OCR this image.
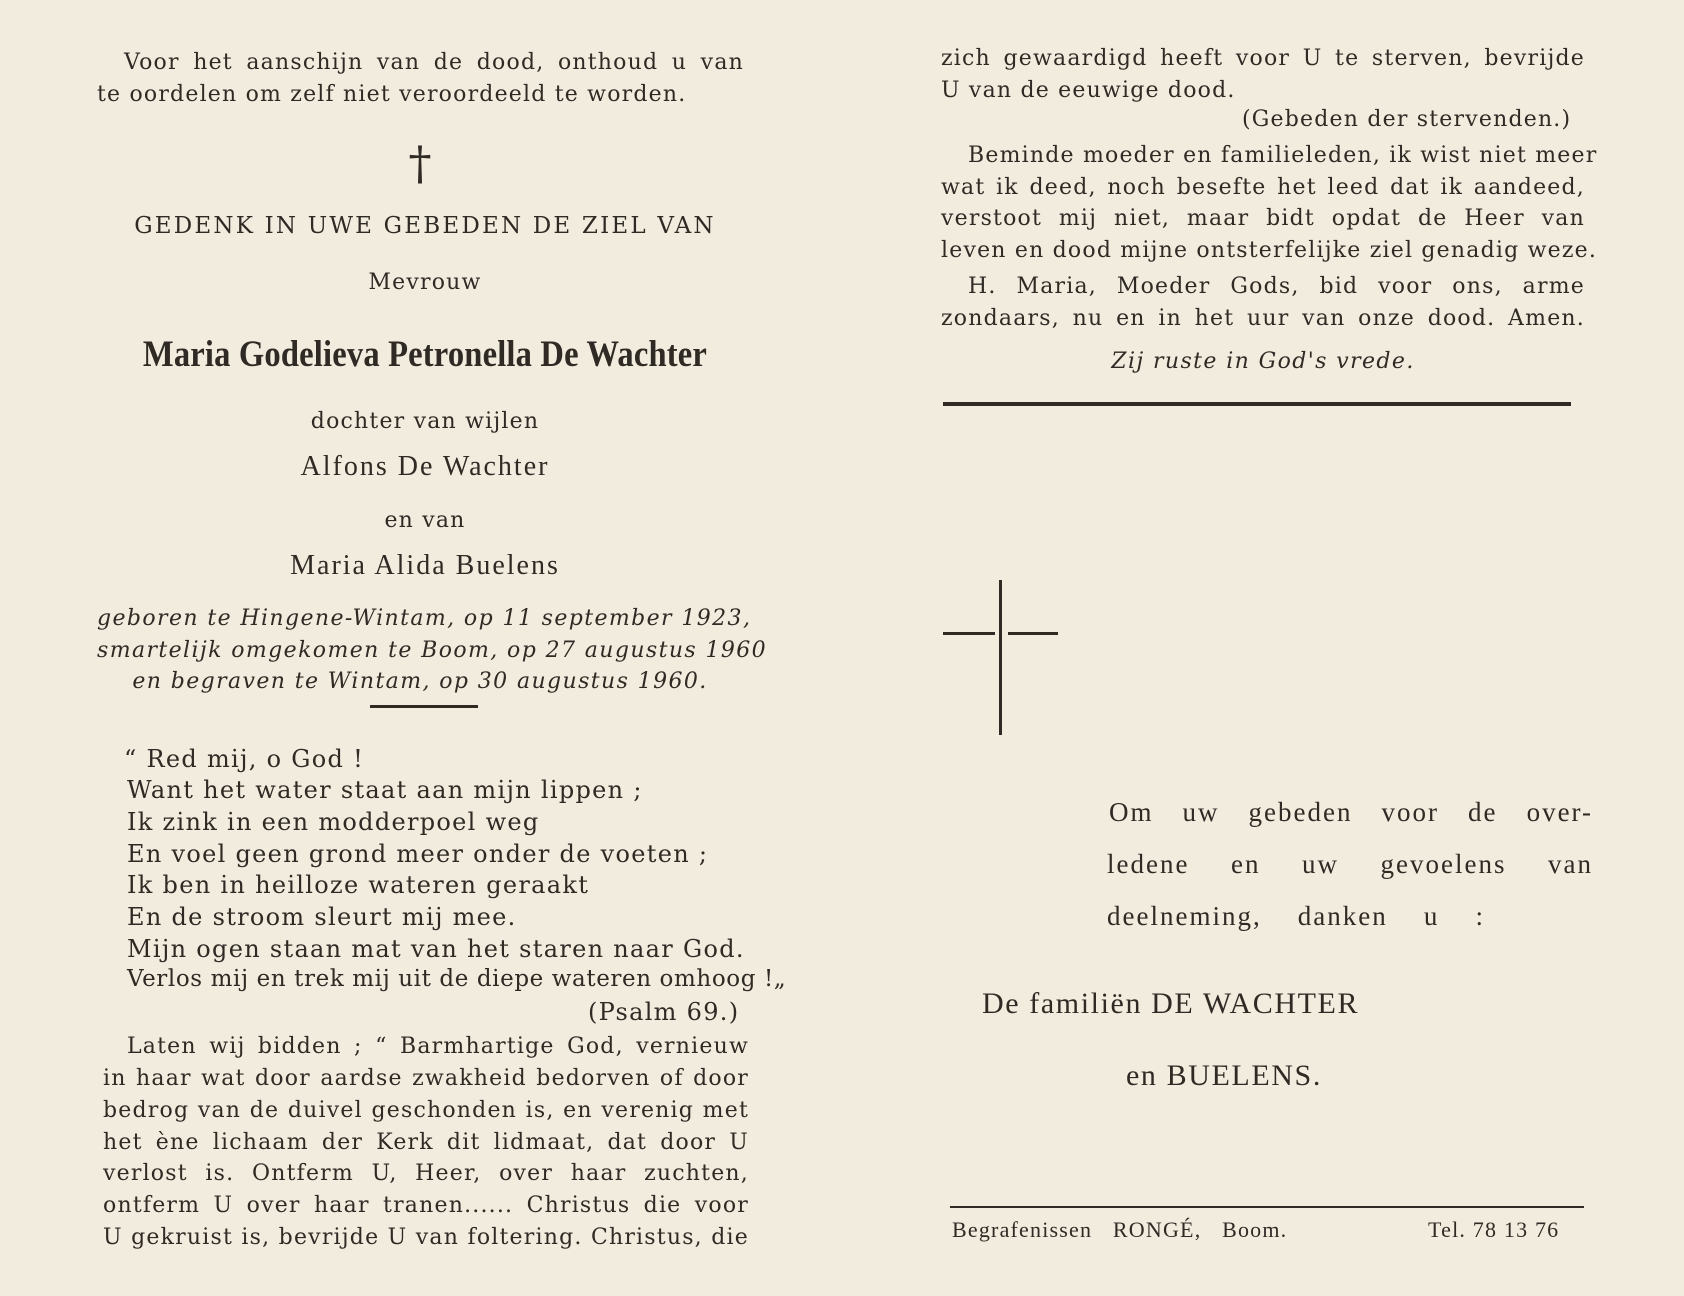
Voor het aanschijn van de dood, onthoud u van

te oordelen om zelf niet veroordeeld te worden.

†

GEDENK IN UWE GEBEDEN DE ZIEL VAN

Mevrouw

Maria Godelieva Petronella De Wachter

dochter van wijlen

Alfons De Wachter

en van

Maria Alida Buelens

geboren te Hingene-Wintam, op 11 september 1923,

smartelijk omgekomen te Boom, op 27 augustus 1960

en begraven te Wintam, op 30 augustus 1960.

“ Red mij, o God !

Want het water staat aan mijn lippen ;

Ik zink in een modderpoel weg

En voel geen grond meer onder de voeten ;

Ik ben in heilloze wateren geraakt

En de stroom sleurt mij mee.

Mijn ogen staan mat van het staren naar God.

Verlos mij en trek mij uit de diepe wateren omhoog !„

(Psalm 69.)

Laten wij bidden ; “ Barmhartige God, vernieuw

in haar wat door aardse zwakheid bedorven of door

bedrog van de duivel geschonden is, en verenig met

het ène lichaam der Kerk dit lidmaat, dat door U

verlost is. Ontferm U, Heer, over haar zuchten,

ontferm U over haar tranen...... Christus die voor

U gekruist is, bevrijde U van foltering. Christus, die

zich gewaardigd heeft voor U te sterven, bevrijde

U van de eeuwige dood.

(Gebeden der stervenden.)

Beminde moeder en familieleden, ik wist niet meer

wat ik deed, noch besefte het leed dat ik aandeed,

verstoot mij niet, maar bidt opdat de Heer van

leven en dood mijne ontsterfelijke ziel genadig weze.

H. Maria, Moeder Gods, bid voor ons, arme

zondaars, nu en in het uur van onze dood. Amen.

Zij ruste in God's vrede.

Om uw gebeden voor de over-

ledene en uw gevoelens van

deelneming, danken u :

De familiën DE WACHTER

en BUELENS.

Begrafenissen RONGÉ, Boom.	Tel. 78 13 76
